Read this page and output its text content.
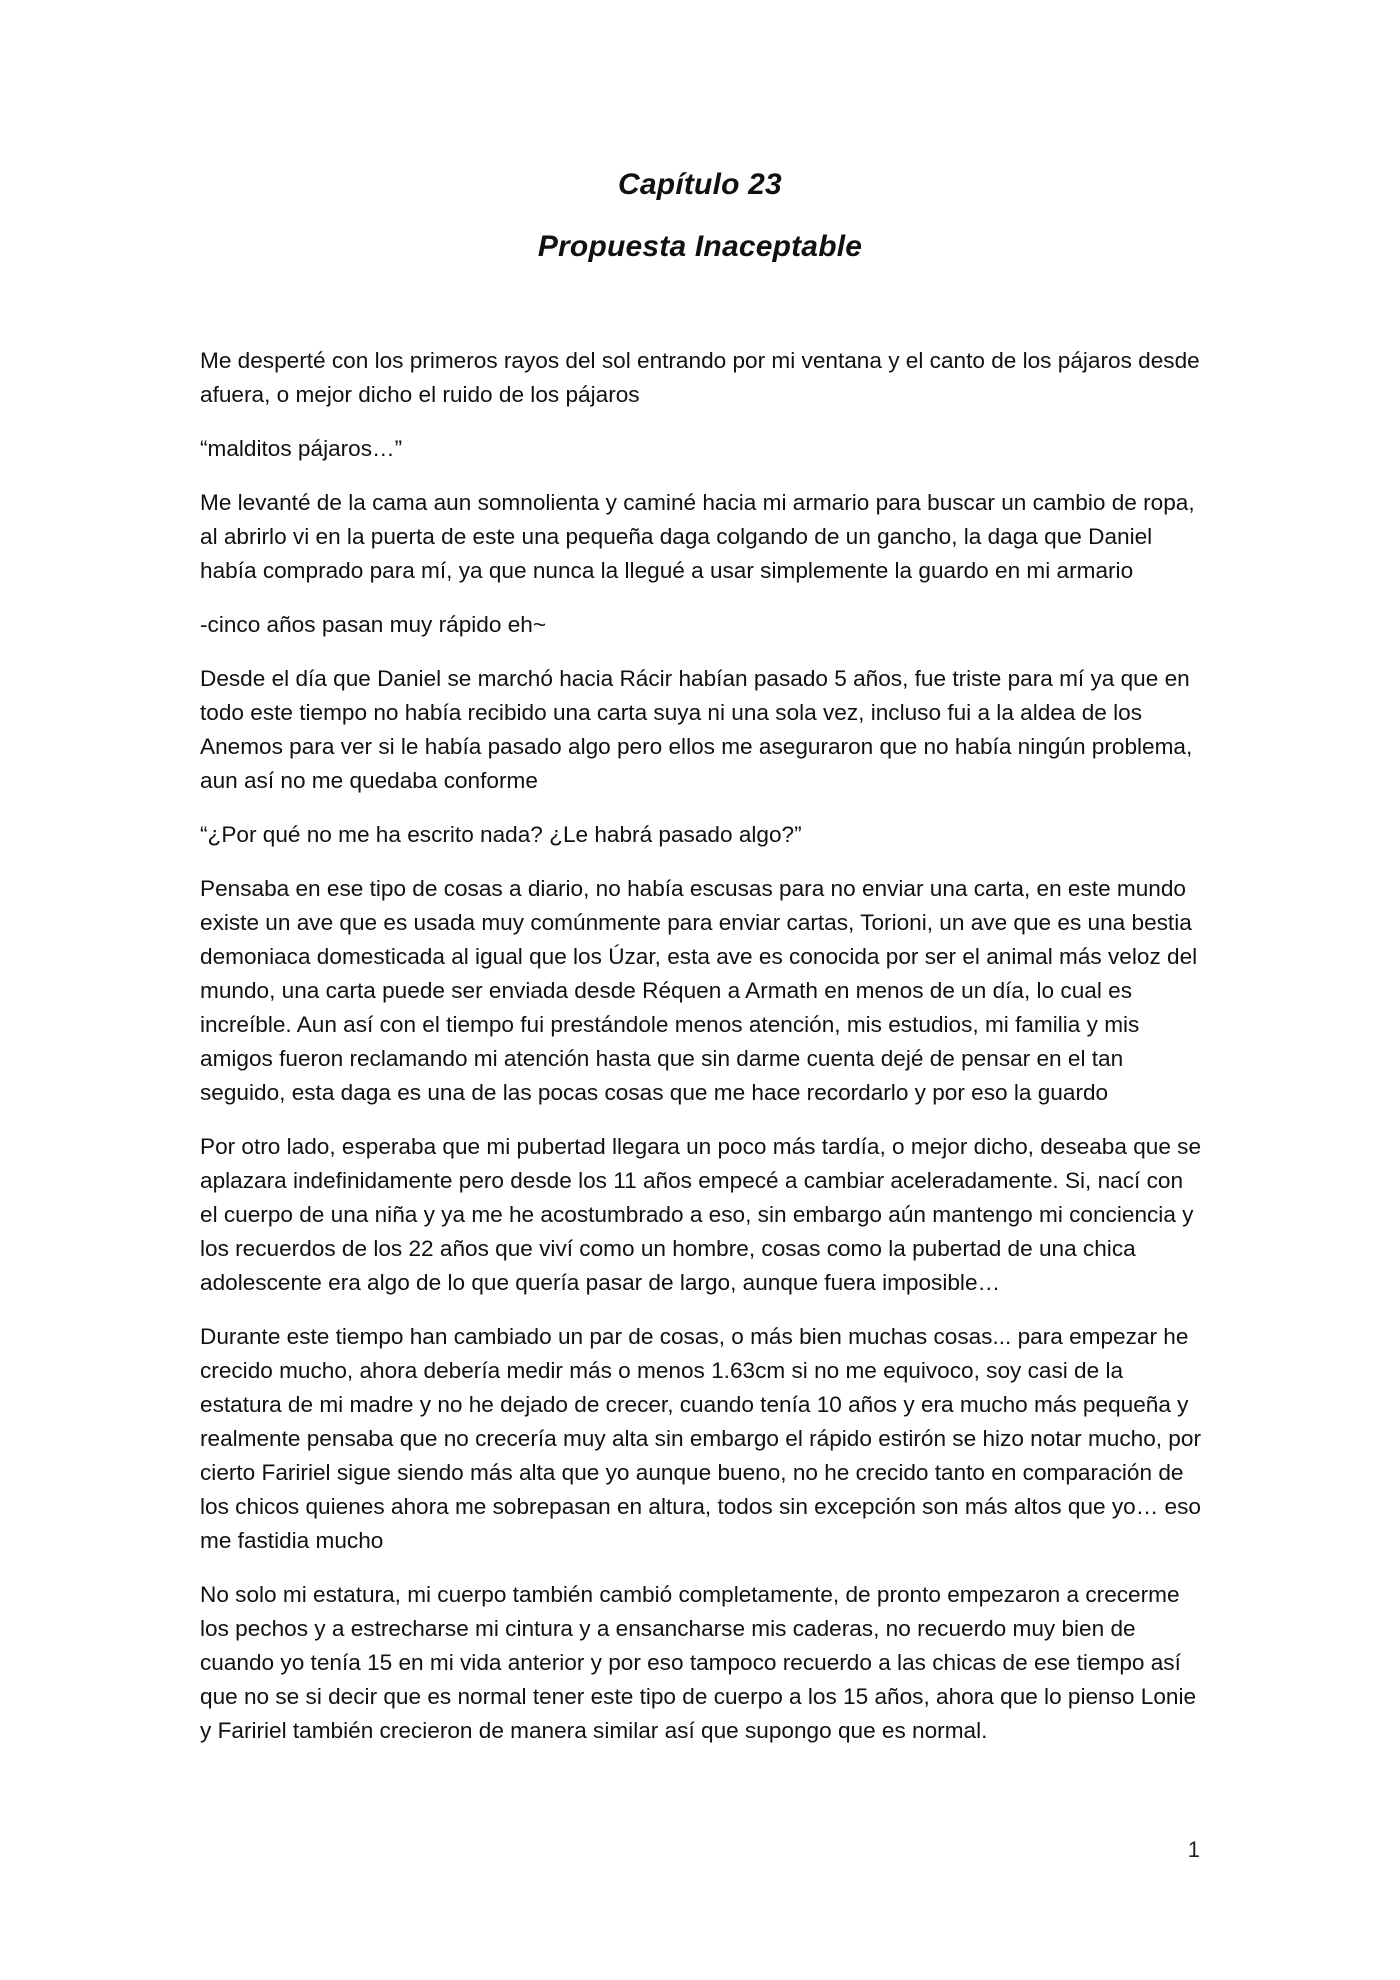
Capítulo 23
Propuesta Inaceptable

Me desperté con los primeros rayos del sol entrando por mi ventana y el canto de los pájaros desde afuera, o mejor dicho el ruido de los pájaros

“malditos pájaros…”

Me levanté de la cama aun somnolienta y caminé hacia mi armario para buscar un cambio de ropa, al abrirlo vi en la puerta de este una pequeña daga colgando de un gancho, la daga que Daniel había comprado para mí, ya que nunca la llegué a usar simplemente la guardo en mi armario

-cinco años pasan muy rápido eh~

Desde el día que Daniel se marchó hacia Rácir habían pasado 5 años, fue triste para mí ya que en todo este tiempo no había recibido una carta suya ni una sola vez, incluso fui a la aldea de los Anemos para ver si le había pasado algo pero ellos me aseguraron que no había ningún problema, aun así no me quedaba conforme

“¿Por qué no me ha escrito nada? ¿Le habrá pasado algo?”

Pensaba en ese tipo de cosas a diario, no había escusas para no enviar una carta, en este mundo existe un ave que es usada muy comúnmente para enviar cartas, Torioni, un ave que es una bestia demoniaca domesticada al igual que los Úzar, esta ave es conocida por ser el animal más veloz del mundo, una carta puede ser enviada desde Réquen a Armath en menos de un día, lo cual es increíble. Aun así con el tiempo fui prestándole menos atención, mis estudios, mi familia y mis amigos fueron reclamando mi atención hasta que sin darme cuenta dejé de pensar en el tan seguido, esta daga es una de las pocas cosas que me hace recordarlo y por eso la guardo

Por otro lado, esperaba que mi pubertad llegara un poco más tardía, o mejor dicho, deseaba que se aplazara indefinidamente pero desde los 11 años empecé a cambiar aceleradamente. Si, nací con el cuerpo de una niña y ya me he acostumbrado a eso, sin embargo aún mantengo mi conciencia y los recuerdos de los 22 años que viví como un hombre, cosas como la pubertad de una chica adolescente era algo de lo que quería pasar de largo, aunque fuera imposible…

Durante este tiempo han cambiado un par de cosas, o más bien muchas cosas... para empezar he crecido mucho, ahora debería medir más o menos 1.63cm si no me equivoco, soy casi de la estatura de mi madre y no he dejado de crecer, cuando tenía 10 años y era mucho más pequeña y realmente pensaba que no crecería muy alta sin embargo el rápido estirón se hizo notar mucho, por cierto Faririel sigue siendo más alta que yo aunque bueno, no he crecido tanto en comparación de los chicos quienes ahora me sobrepasan en altura, todos sin excepción son más altos que yo… eso me fastidia mucho

No solo mi estatura, mi cuerpo también cambió completamente, de pronto empezaron a crecerme los pechos y a estrecharse mi cintura y a ensancharse mis caderas, no recuerdo muy bien de cuando yo tenía 15 en mi vida anterior y por eso tampoco recuerdo a las chicas de ese tiempo así que no se si decir que es normal tener este tipo de cuerpo a los 15 años, ahora que lo pienso Lonie y Faririel también crecieron de manera similar así que supongo que es normal.

1
